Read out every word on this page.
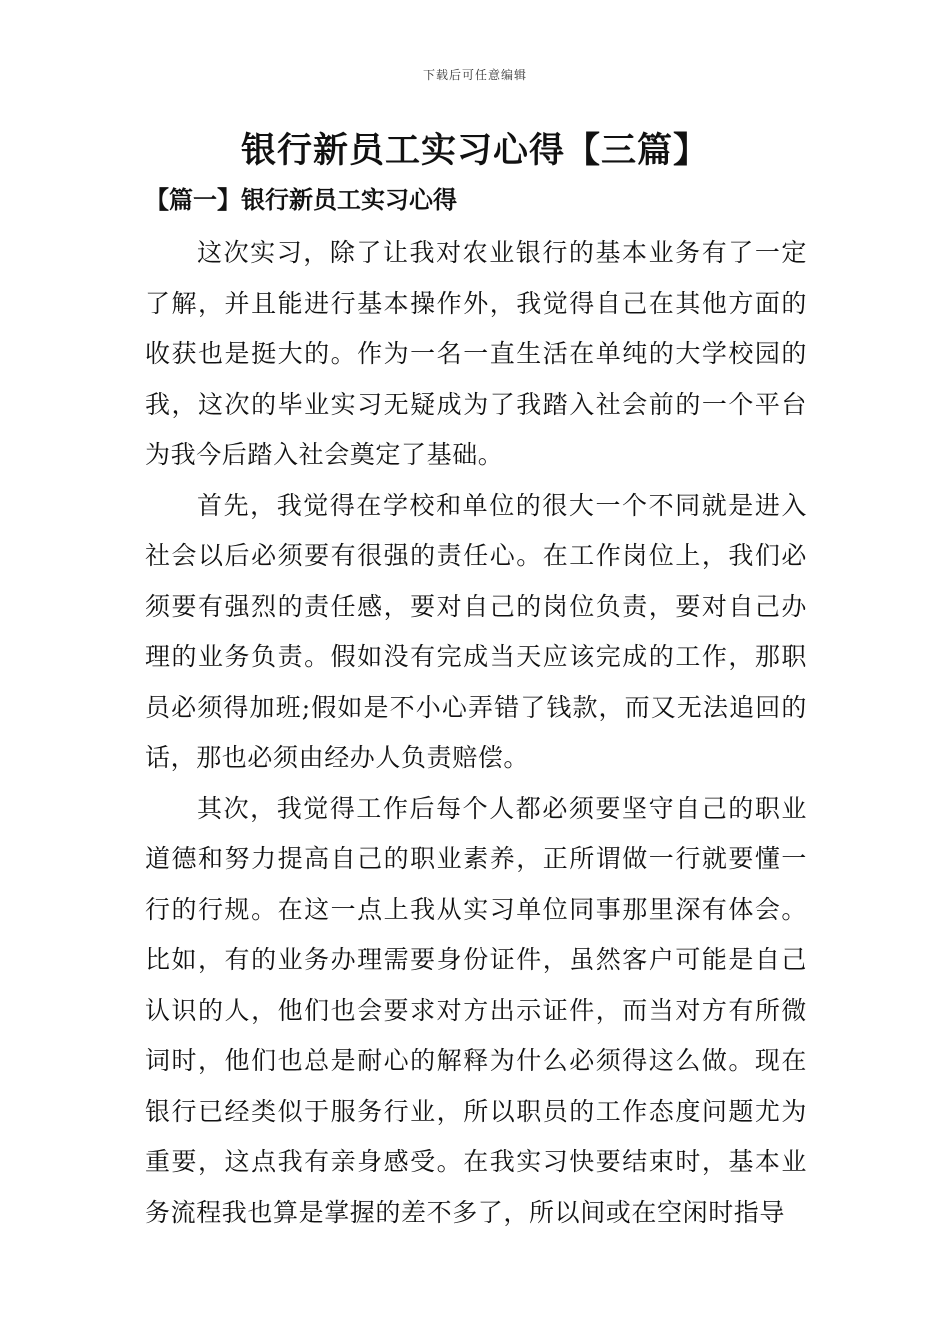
下载后可任意编辑
银行新员工实习心得【三篇】
【篇一】银行新员工实习心得

这次实习，除了让我对农业银行的基本业务有了一定了解，并且能进行基本操作外，我觉得自己在其他方面的收获也是挺大的。作为一名一直生活在单纯的大学校园的我，这次的毕业实习无疑成为了我踏入社会前的一个平台为我今后踏入社会奠定了基础。

首先，我觉得在学校和单位的很大一个不同就是进入社会以后必须要有很强的责任心。在工作岗位上，我们必须要有强烈的责任感，要对自己的岗位负责，要对自己办理的业务负责。假如没有完成当天应该完成的工作，那职员必须得加班;假如是不小心弄错了钱款，而又无法追回的话，那也必须由经办人负责赔偿。

其次，我觉得工作后每个人都必须要坚守自己的职业道德和努力提高自己的职业素养，正所谓做一行就要懂一行的行规。在这一点上我从实习单位同事那里深有体会。比如，有的业务办理需要身份证件，虽然客户可能是自己认识的人，他们也会要求对方出示证件，而当对方有所微词时，他们也总是耐心的解释为什么必须得这么做。现在银行已经类似于服务行业，所以职员的工作态度问题尤为重要，这点我有亲身感受。在我实习快要结束时，基本业务流程我也算是掌握的差不多了，所以间或在空闲时指导
